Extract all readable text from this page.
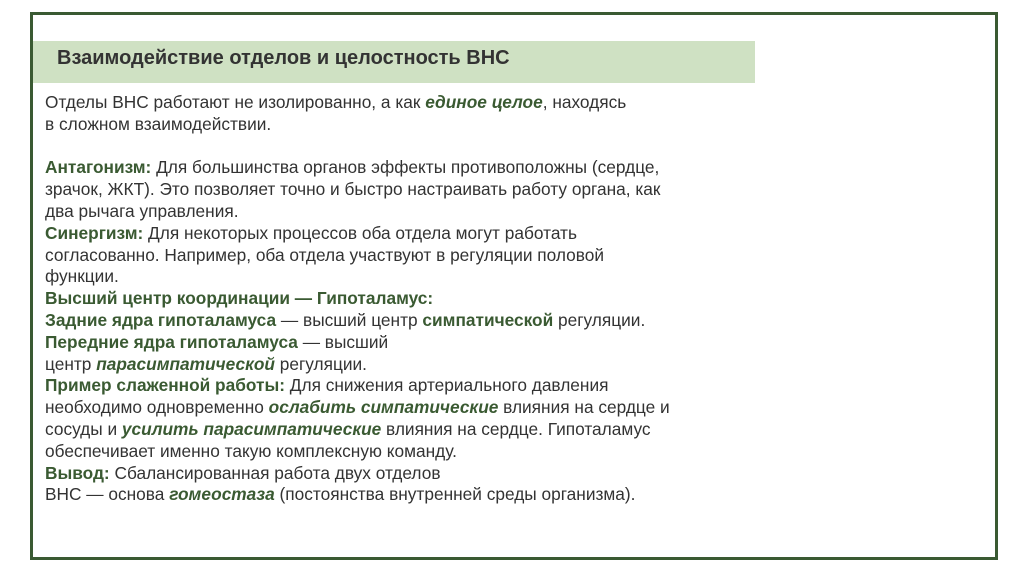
Взаимодействие отделов и целостность ВНС
Отделы ВНС работают не изолированно, а как единое целое, находясь
в сложном взаимодействии.
Антагонизм: Для большинства органов эффекты противоположны (сердце,
зрачок, ЖКТ). Это позволяет точно и быстро настраивать работу органа, как
два рычага управления.
Синергизм: Для некоторых процессов оба отдела могут работать
согласованно. Например, оба отдела участвуют в регуляции половой
функции.
Высший центр координации — Гипоталамус:
Задние ядра гипоталамуса — высший центр симпатической регуляции.
Передние ядра гипоталамуса — высший
центр парасимпатической регуляции.
Пример слаженной работы: Для снижения артериального давления
необходимо одновременно ослабить симпатические влияния на сердце и
сосуды и усилить парасимпатические влияния на сердце. Гипоталамус
обеспечивает именно такую комплексную команду.
Вывод: Сбалансированная работа двух отделов
ВНС — основа гомеостаза (постоянства внутренней среды организма).
